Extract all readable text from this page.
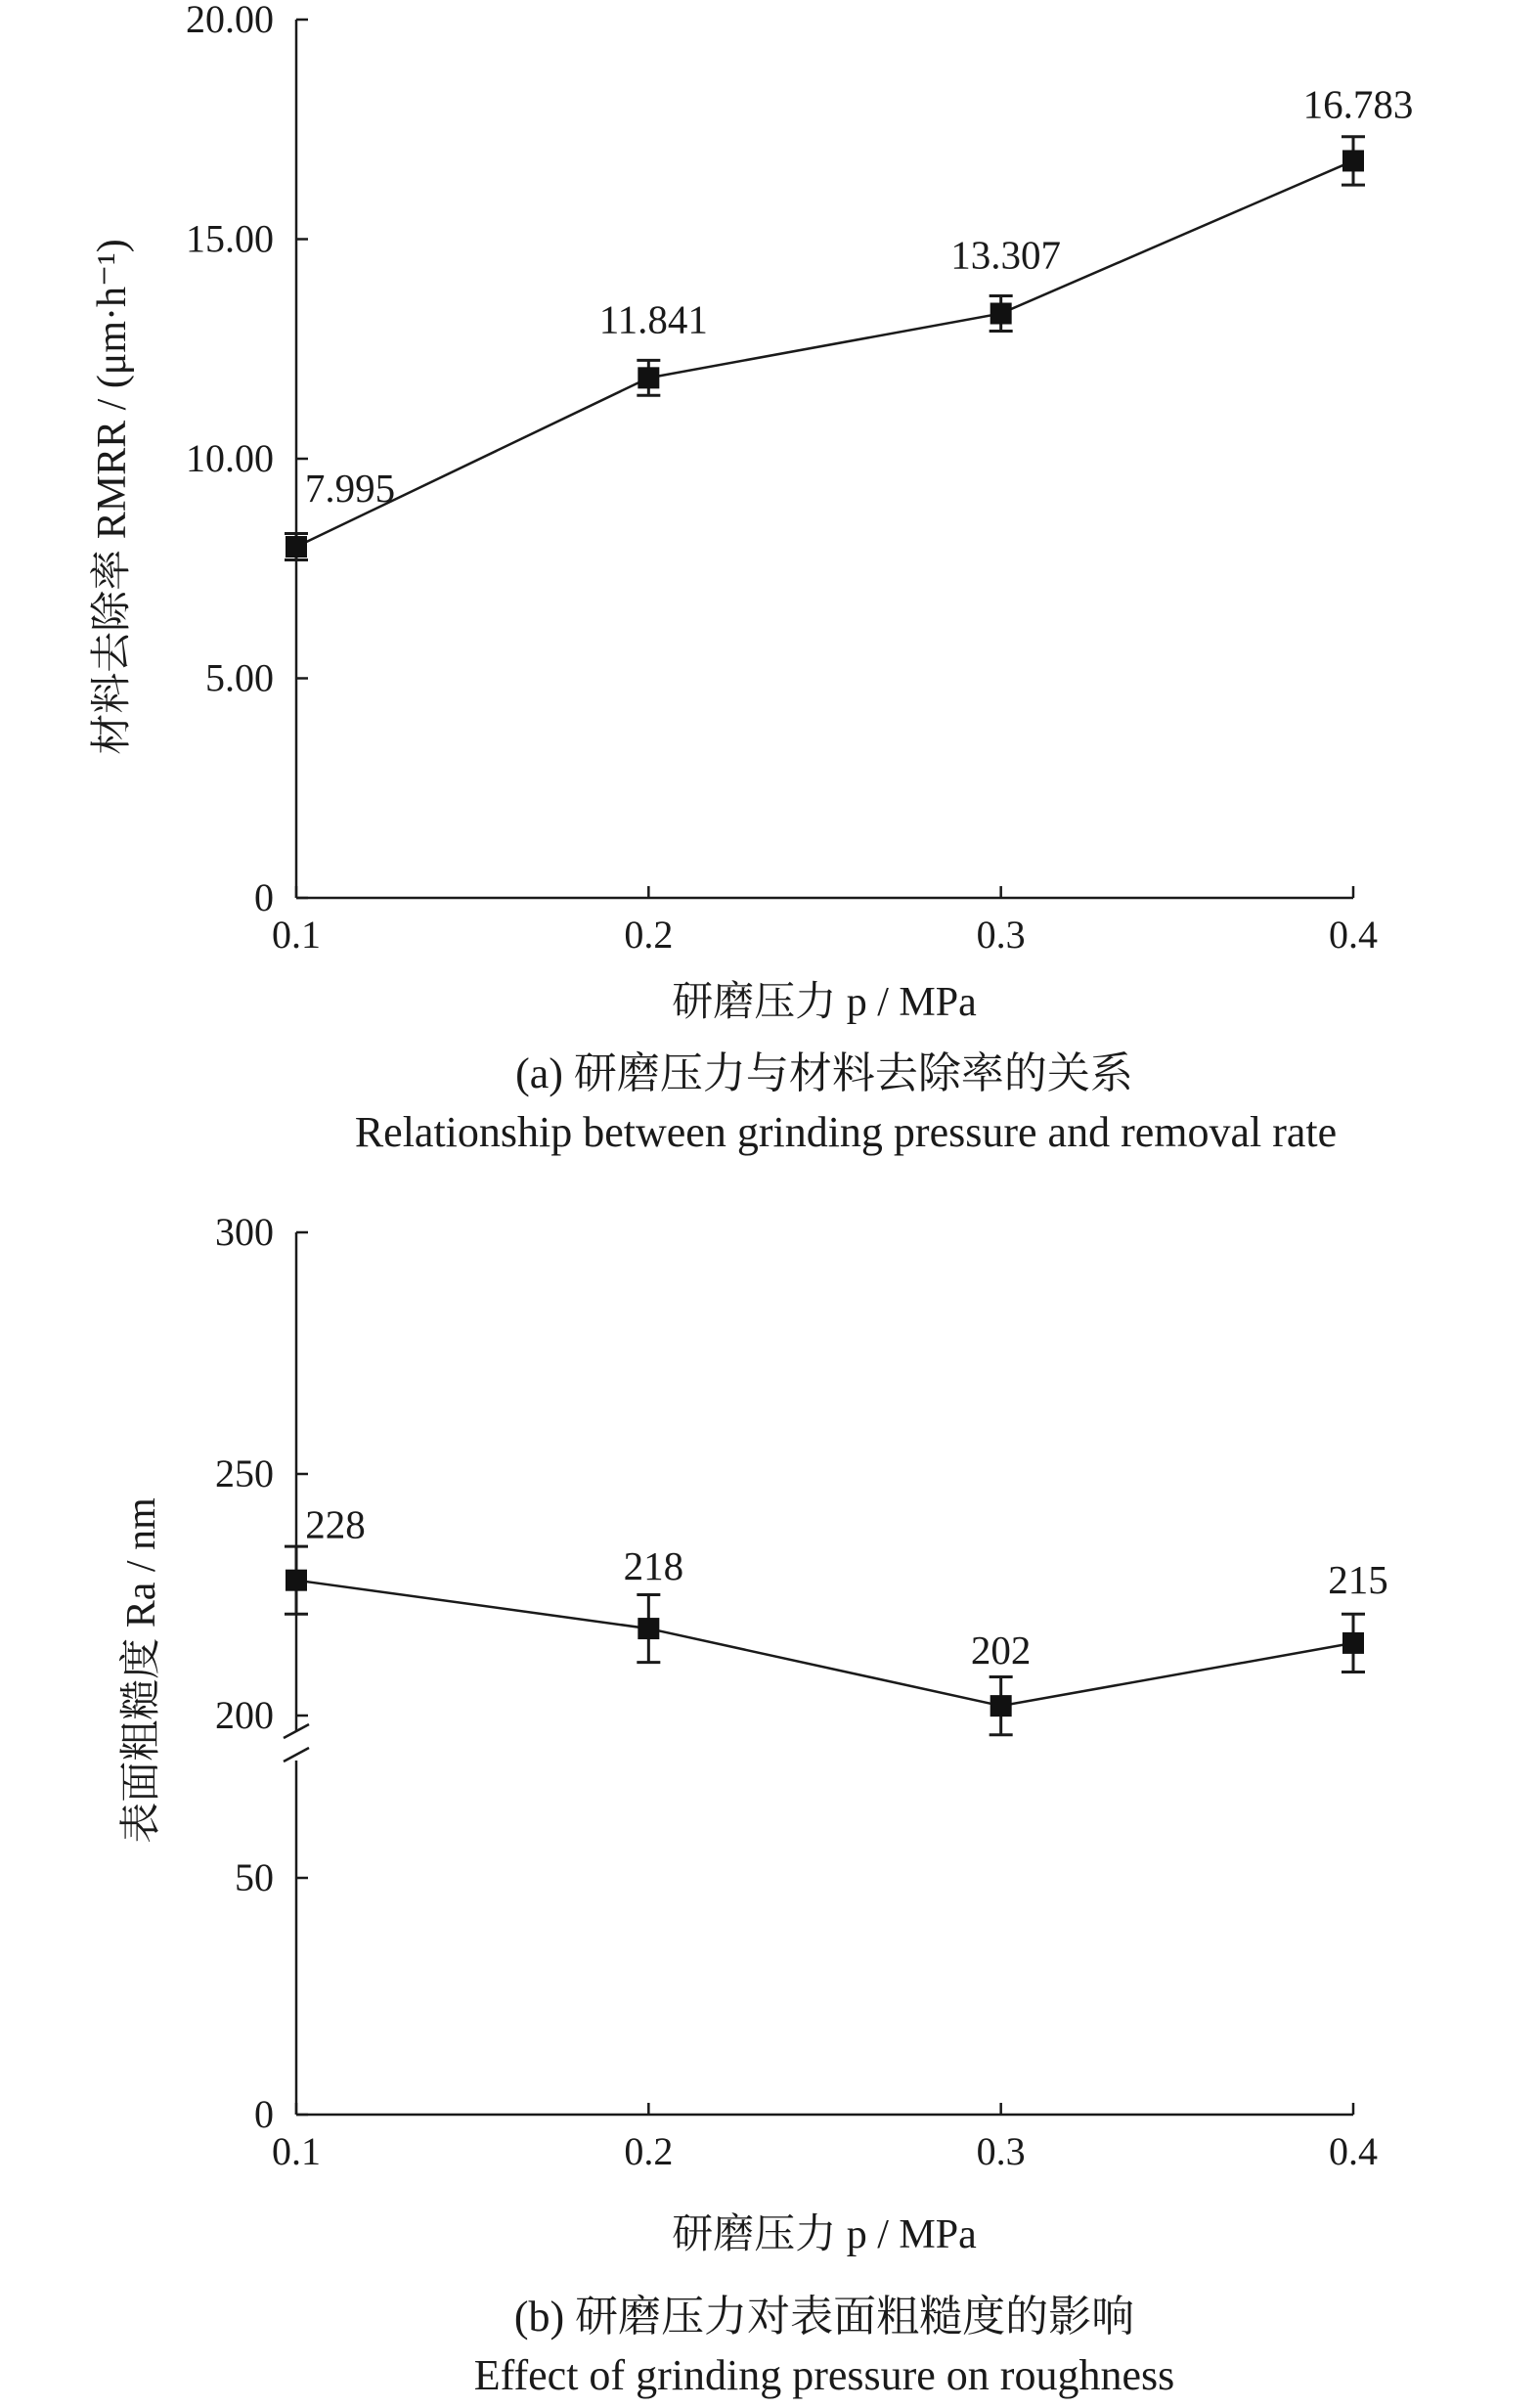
0
5.00
10.00
15.00
20.00
0.1	0.2	0.3	0.4
7.995
11.841
13.307
16.783
材料去除率 RMRR / (μm·h⁻¹)
研磨压力 p / MPa
(a) 研磨压力与材料去除率的关系
Relationship between grinding pressure and removal rate
0
50
200
250
300
0.1	0.2	0.3	0.4
228
218
202
215
表面粗糙度 Ra / nm
研磨压力 p / MPa
(b) 研磨压力对表面粗糙度的影响
Effect of grinding pressure on roughness
